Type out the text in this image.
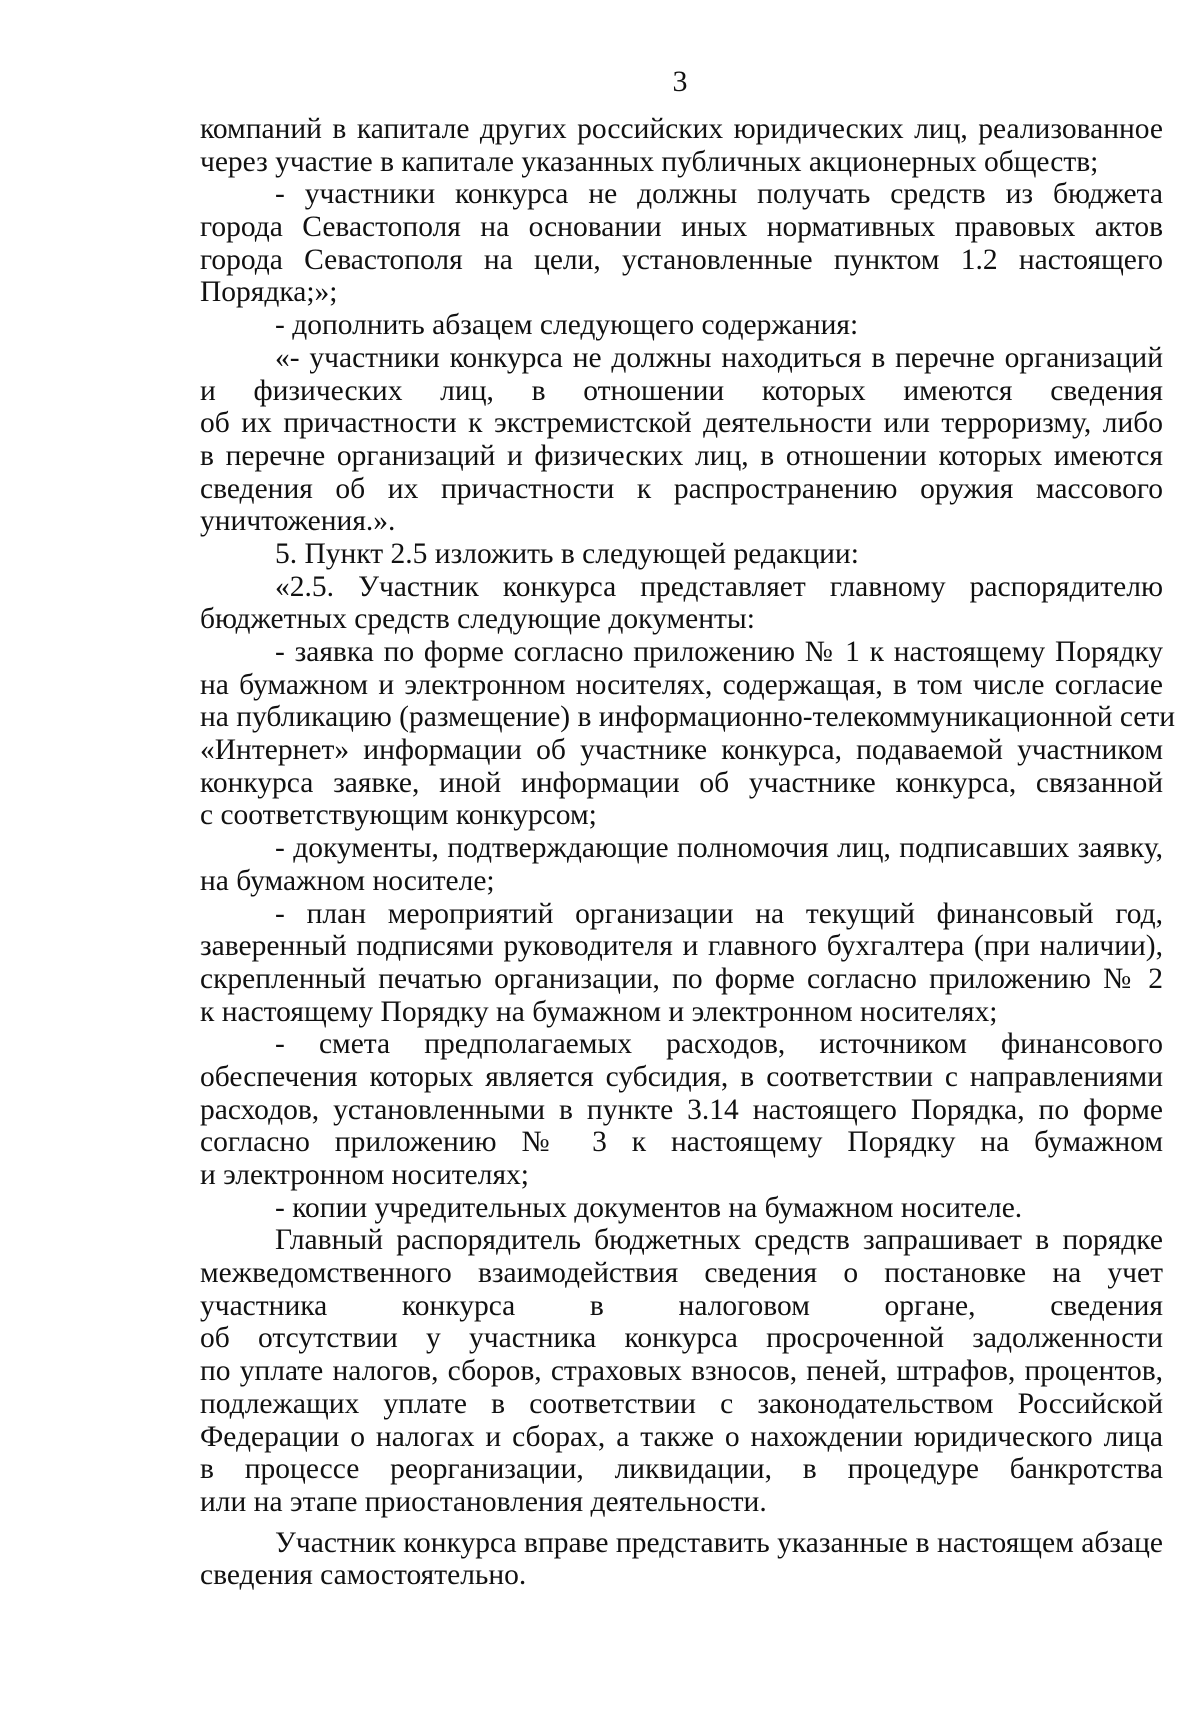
3
компаний в капитале других российских юридических лиц, реализованное
через участие в капитале указанных публичных акционерных обществ;
- участники конкурса не должны получать средств из бюджета
города Севастополя на основании иных нормативных правовых актов
города Севастополя на цели, установленные пунктом 1.2 настоящего
Порядка;»;
- дополнить абзацем следующего содержания:
«- участники конкурса не должны находиться в перечне организаций
и физических лиц, в отношении которых имеются сведения
об их причастности к экстремистской деятельности или терроризму, либо
в перечне организаций и физических лиц, в отношении которых имеются
сведения об их причастности к распространению оружия массового
уничтожения.».
5. Пункт 2.5 изложить в следующей редакции:
«2.5. Участник конкурса представляет главному распорядителю
бюджетных средств следующие документы:
- заявка по форме согласно приложению № 1 к настоящему Порядку
на бумажном и электронном носителях, содержащая, в том числе согласие
на публикацию (размещение) в информационно-телекоммуникационной сети
«Интернет» информации об участнике конкурса, подаваемой участником
конкурса заявке, иной информации об участнике конкурса, связанной
с соответствующим конкурсом;
- документы, подтверждающие полномочия лиц, подписавших заявку,
на бумажном носителе;
- план мероприятий организации на текущий финансовый год,
заверенный подписями руководителя и главного бухгалтера (при наличии),
скрепленный печатью организации, по форме согласно приложению № 2
к настоящему Порядку на бумажном и электронном носителях;
- смета предполагаемых расходов, источником финансового
обеспечения которых является субсидия, в соответствии с направлениями
расходов, установленными в пункте 3.14 настоящего Порядка, по форме
согласно приложению № 3 к настоящему Порядку на бумажном
и электронном носителях;
- копии учредительных документов на бумажном носителе.
Главный распорядитель бюджетных средств запрашивает в порядке
межведомственного взаимодействия сведения о постановке на учет
участника конкурса в налоговом органе, сведения
об отсутствии у участника конкурса просроченной задолженности
по уплате налогов, сборов, страховых взносов, пеней, штрафов, процентов,
подлежащих уплате в соответствии с законодательством Российской
Федерации о налогах и сборах, а также о нахождении юридического лица
в процессе реорганизации, ликвидации, в процедуре банкротства
или на этапе приостановления деятельности.
Участник конкурса вправе представить указанные в настоящем абзаце
сведения самостоятельно.
